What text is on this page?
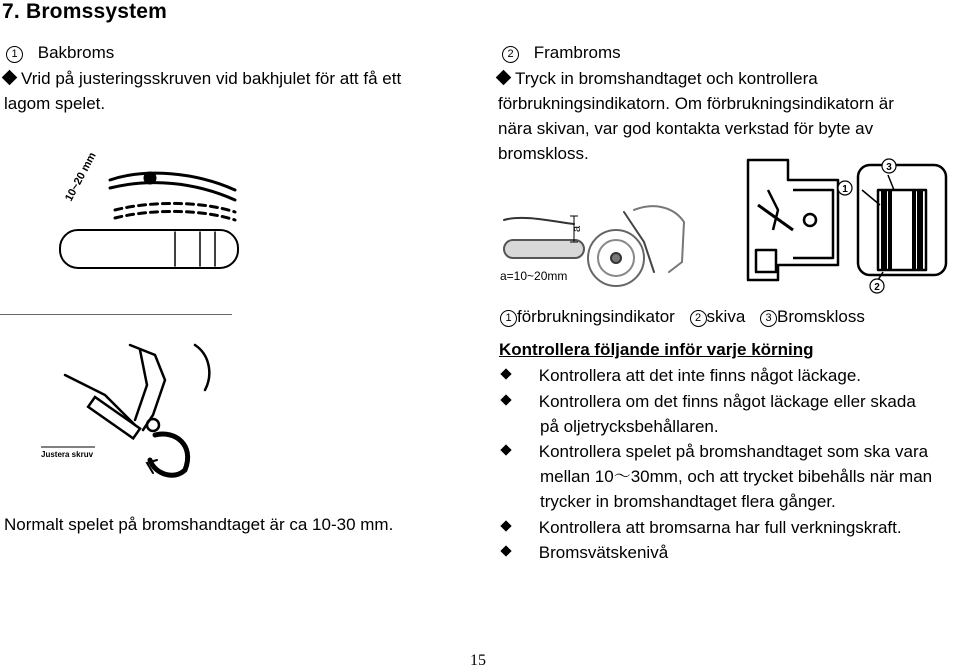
7. Bromssystem
1 Bakbroms
Vrid på justeringsskruven vid bakhjulet för att få ett
lagom spelet.
10~20 mm
Justera skruv
Normalt spelet på bromshandtaget är ca 10-30 mm.
2 Frambroms
Tryck in bromshandtaget och kontrollera
förbrukningsindikatorn. Om förbrukningsindikatorn är
nära skivan, var god kontakta verkstad för byte av
bromskloss.
a
a=10~20mm
1
3
2
1 förbrukningsindikator 2 skiva 3 Bromskloss
Kontrollera följande inför varje körning
Kontrollera att det inte finns något läckage.
Kontrollera om det finns något läckage eller skada
på oljetrycksbehållaren.
Kontrollera spelet på bromshandtaget som ska vara
mellan 10～30mm, och att trycket bibehålls när man
trycker in bromshandtaget flera gånger.
Kontrollera att bromsarna har full verkningskraft.
Bromsvätskenivå
15
